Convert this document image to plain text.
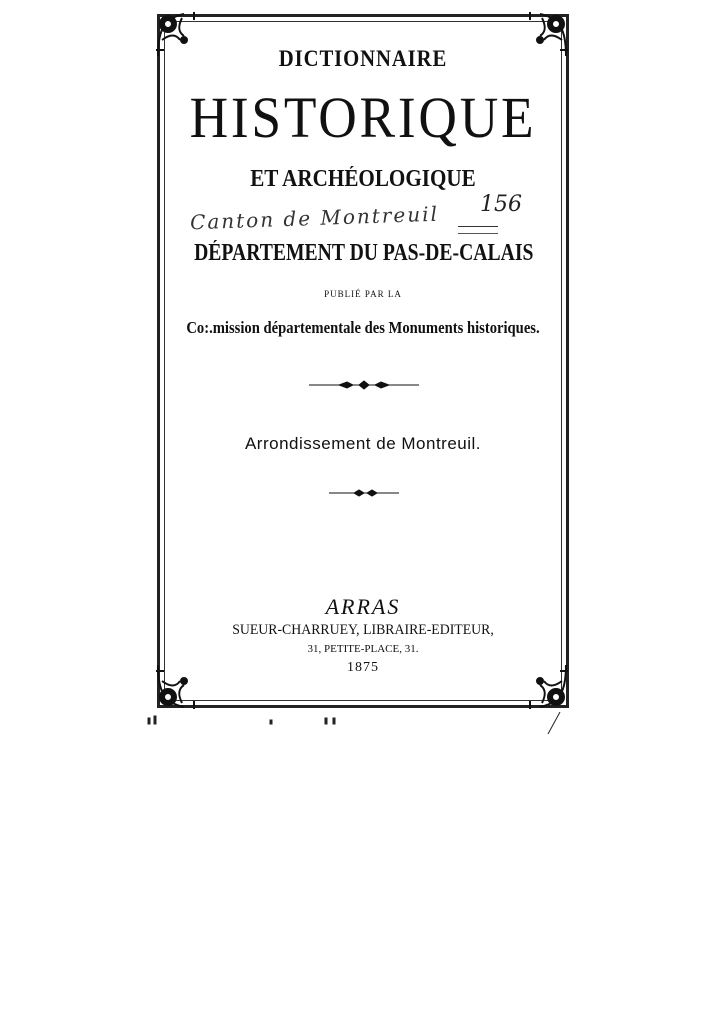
DICTIONNAIRE
HISTORIQUE
ET ARCHÉOLOGIQUE
Canton de Montreuil 156
DÉPARTEMENT DU PAS-DE-CALAIS
PUBLIÉ PAR LA
Co:.mission départementale des Monuments historiques.
Arrondissement de Montreuil.
ARRAS
SUEUR-CHARRUEY, LIBRAIRE-EDITEUR,
31, PETITE-PLACE, 31.
1875
